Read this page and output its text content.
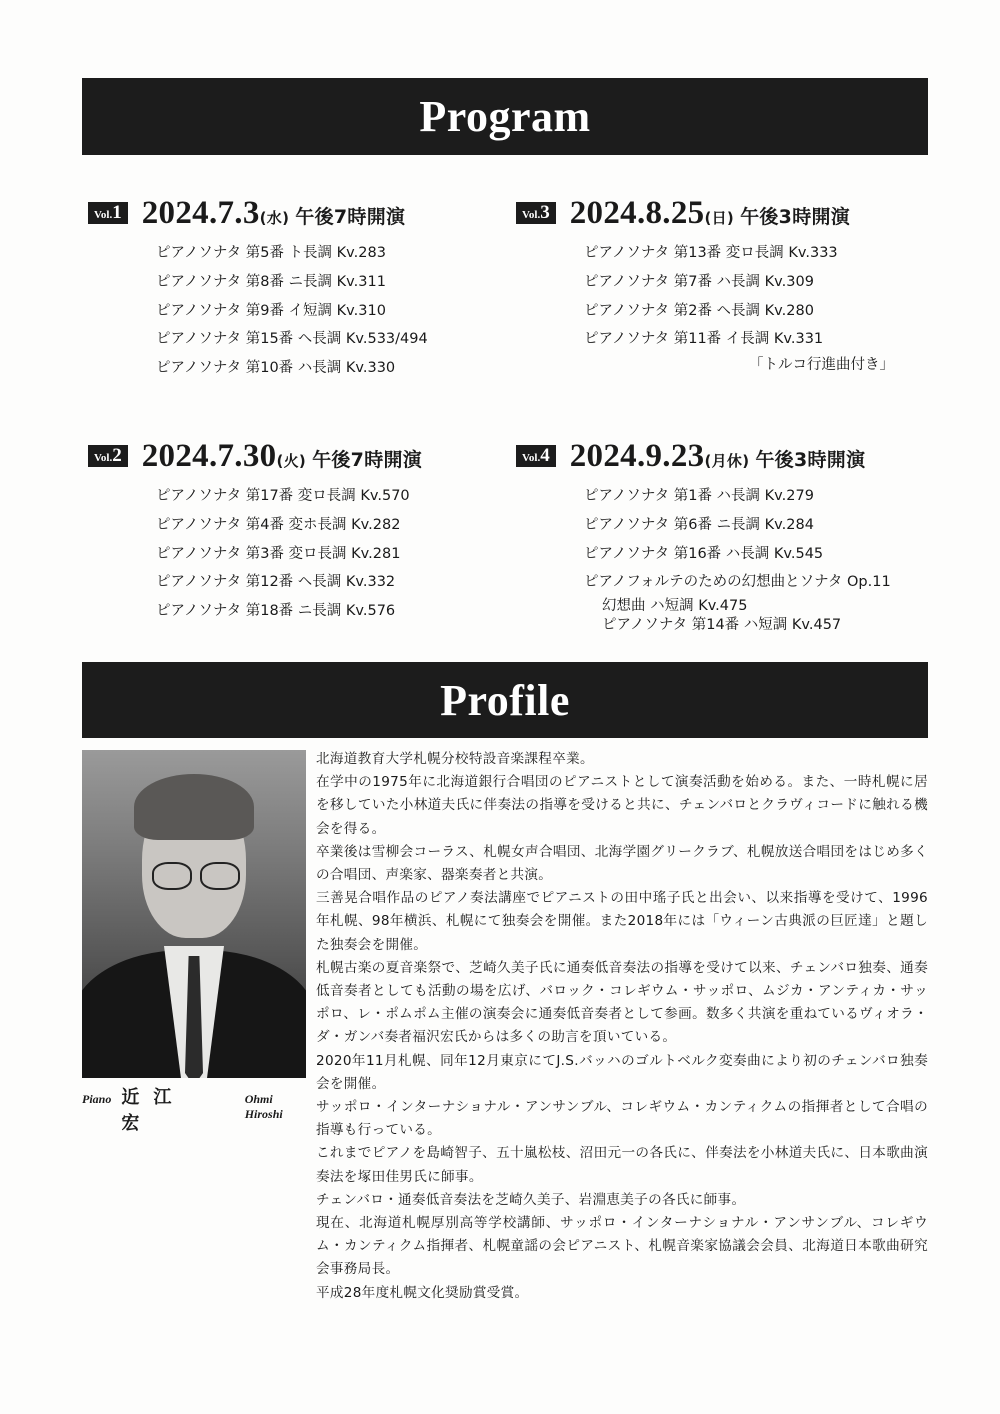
Program
Vol. 1 2024.7.3(水) 午後7時開演
ピアノソナタ 第5番 ト長調 Kv.283
ピアノソナタ 第8番 ニ長調 Kv.311
ピアノソナタ 第9番 イ短調 Kv.310
ピアノソナタ 第15番 ヘ長調 Kv.533/494
ピアノソナタ 第10番 ハ長調 Kv.330
Vol. 3 2024.8.25(日) 午後3時開演
ピアノソナタ 第13番 変ロ長調 Kv.333
ピアノソナタ 第7番 ハ長調 Kv.309
ピアノソナタ 第2番 ヘ長調 Kv.280
ピアノソナタ 第11番 イ長調 Kv.331
「トルコ行進曲付き」
Vol. 2 2024.7.30(火) 午後7時開演
ピアノソナタ 第17番 変ロ長調 Kv.570
ピアノソナタ 第4番 変ホ長調 Kv.282
ピアノソナタ 第3番 変ロ長調 Kv.281
ピアノソナタ 第12番 ヘ長調 Kv.332
ピアノソナタ 第18番 ニ長調 Kv.576
Vol. 4 2024.9.23(月休) 午後3時開演
ピアノソナタ 第1番 ハ長調 Kv.279
ピアノソナタ 第6番 ニ長調 Kv.284
ピアノソナタ 第16番 ハ長調 Kv.545
ピアノフォルテのための幻想曲とソナタ Op.11
幻想曲 ハ短調 Kv.475
ピアノソナタ 第14番 ハ短調 Kv.457
Profile
Piano 近江 宏
Ohmi Hiroshi
北海道教育大学札幌分校特設音楽課程卒業。
在学中の1975年に北海道銀行合唱団のピアニストとして演奏活動を始める。また、一時札幌に居を移していた小林道夫氏に伴奏法の指導を受けると共に、チェンバロとクラヴィコードに触れる機会を得る。
卒業後は雪柳会コーラス、札幌女声合唱団、北海学園グリークラブ、札幌放送合唱団をはじめ多くの合唱団、声楽家、器楽奏者と共演。
三善晃合唱作品のピアノ奏法講座でピアニストの田中瑤子氏と出会い、以来指導を受けて、1996年札幌、98年横浜、札幌にて独奏会を開催。また2018年には「ウィーン古典派の巨匠達」と題した独奏会を開催。
札幌古楽の夏音楽祭で、芝崎久美子氏に通奏低音奏法の指導を受けて以来、チェンバロ独奏、通奏低音奏者としても活動の場を広げ、バロック・コレギウム・サッポロ、ムジカ・アンティカ・サッポロ、レ・ポムポム主催の演奏会に通奏低音奏者として参画。数多く共演を重ねているヴィオラ・ダ・ガンバ奏者福沢宏氏からは多くの助言を頂いている。
2020年11月札幌、同年12月東京にてJ.S.バッハのゴルトベルク変奏曲により初のチェンバロ独奏会を開催。
サッポロ・インターナショナル・アンサンブル、コレギウム・カンティクムの指揮者として合唱の指導も行っている。
これまでピアノを島崎智子、五十嵐松枝、沼田元一の各氏に、伴奏法を小林道夫氏に、日本歌曲演奏法を塚田佳男氏に師事。
チェンバロ・通奏低音奏法を芝崎久美子、岩淵恵美子の各氏に師事。
現在、北海道札幌厚別高等学校講師、サッポロ・インターナショナル・アンサンブル、コレギウム・カンティクム指揮者、札幌童謡の会ピアニスト、札幌音楽家協議会会員、北海道日本歌曲研究会事務局長。
平成28年度札幌文化奨励賞受賞。
